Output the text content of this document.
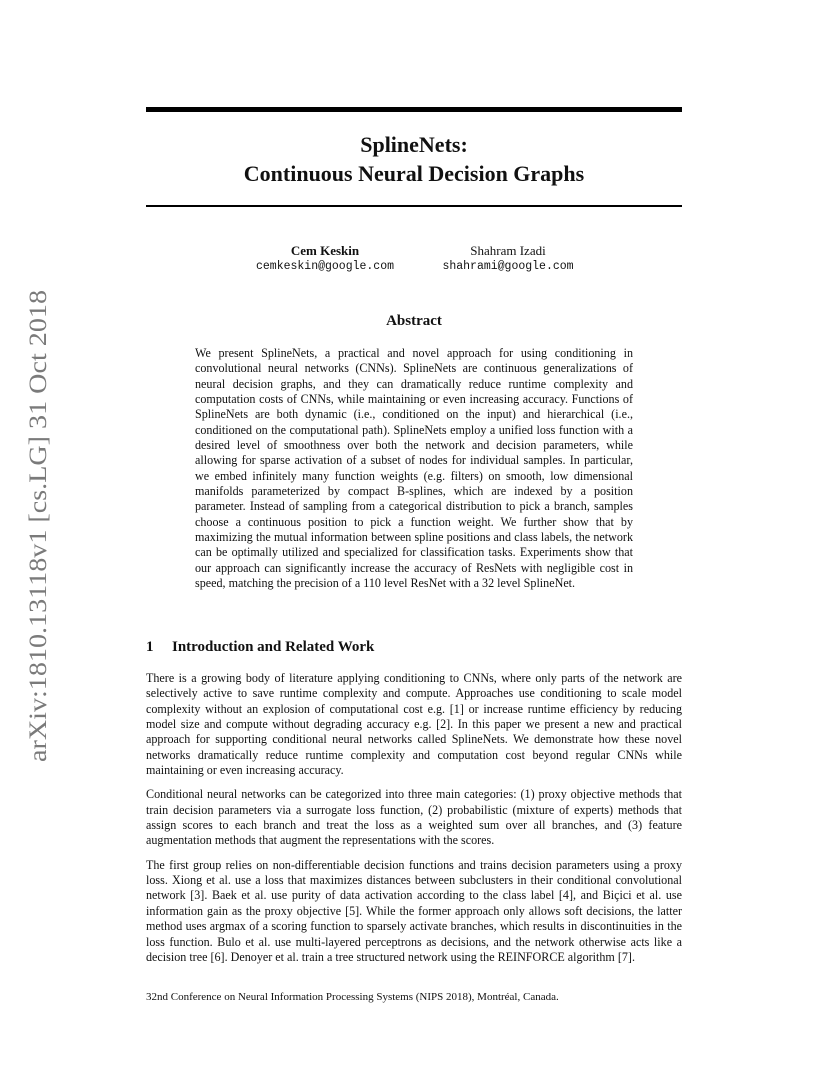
arXiv:1810.13118v1 [cs.LG] 31 Oct 2018
SplineNets:
Continuous Neural Decision Graphs
Cem Keskin
cemkeskin@google.com
Shahram Izadi
shahrami@google.com
Abstract

We present SplineNets, a practical and novel approach for using conditioning in convolutional neural networks (CNNs). SplineNets are continuous generalizations of neural decision graphs, and they can dramatically reduce runtime complexity and computation costs of CNNs, while maintaining or even increasing accuracy. Functions of SplineNets are both dynamic (i.e., conditioned on the input) and hierarchical (i.e., conditioned on the computational path). SplineNets employ a unified loss function with a desired level of smoothness over both the network and decision parameters, while allowing for sparse activation of a subset of nodes for individual samples. In particular, we embed infinitely many function weights (e.g. filters) on smooth, low dimensional manifolds parameterized by compact B-splines, which are indexed by a position parameter. Instead of sampling from a categorical distribution to pick a branch, samples choose a continuous position to pick a function weight. We further show that by maximizing the mutual information between spline positions and class labels, the network can be optimally utilized and specialized for classification tasks. Experiments show that our approach can significantly increase the accuracy of ResNets with negligible cost in speed, matching the precision of a 110 level ResNet with a 32 level SplineNet.

1 Introduction and Related Work

There is a growing body of literature applying conditioning to CNNs, where only parts of the network are selectively active to save runtime complexity and compute. Approaches use conditioning to scale model complexity without an explosion of computational cost e.g. [1] or increase runtime efficiency by reducing model size and compute without degrading accuracy e.g. [2]. In this paper we present a new and practical approach for supporting conditional neural networks called SplineNets. We demonstrate how these novel networks dramatically reduce runtime complexity and computation cost beyond regular CNNs while maintaining or even increasing accuracy.

Conditional neural networks can be categorized into three main categories: (1) proxy objective methods that train decision parameters via a surrogate loss function, (2) probabilistic (mixture of experts) methods that assign scores to each branch and treat the loss as a weighted sum over all branches, and (3) feature augmentation methods that augment the representations with the scores.

The first group relies on non-differentiable decision functions and trains decision parameters using a proxy loss. Xiong et al. use a loss that maximizes distances between subclusters in their conditional convolutional network [3]. Baek et al. use purity of data activation according to the class label [4], and Biçici et al. use information gain as the proxy objective [5]. While the former approach only allows soft decisions, the latter method uses argmax of a scoring function to sparsely activate branches, which results in discontinuities in the loss function. Bulo et al. use multi-layered perceptrons as decisions, and the network otherwise acts like a decision tree [6]. Denoyer et al. train a tree structured network using the REINFORCE algorithm [7].

32nd Conference on Neural Information Processing Systems (NIPS 2018), Montréal, Canada.
